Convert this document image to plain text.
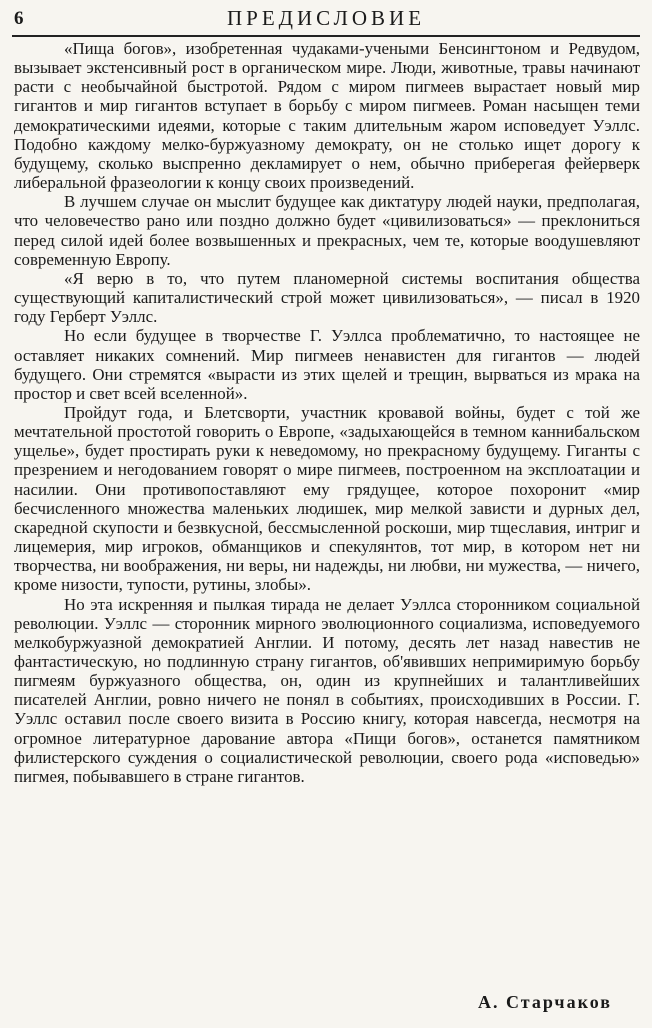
6	ПРЕДИСЛОВИЕ

«Пища богов», изобретенная чудаками-учеными Бенсингтоном и Редвудом, вызывает экстенсивный рост в органическом мире. Люди, животные, травы начинают расти с необычайной быстротой. Рядом с миром пигмеев вырастает новый мир гигантов и мир гигантов вступает в борьбу с миром пигмеев. Роман насыщен теми демократическими идеями, которые с таким длительным жаром исповедует Уэллс. Подобно каждому мелко-буржуазному демократу, он не столько ищет дорогу к будущему, сколько выспренно декламирует о нем, обычно приберегая фейерверк либеральной фразеологии к концу своих произведений.

В лучшем случае он мыслит будущее как диктатуру людей науки, предполагая, что человечество рано или поздно должно будет «цивилизоваться» — преклониться перед силой идей более возвышенных и прекрасных, чем те, которые воодушевляют современную Европу.

«Я верю в то, что путем планомерной системы воспитания общества существующий капиталистический строй может цивилизоваться», — писал в 1920 году Герберт Уэллс.

Но если будущее в творчестве Г. Уэллса проблематично, то настоящее не оставляет никаких сомнений. Мир пигмеев ненавистен для гигантов — людей будущего. Они стремятся «вырасти из этих щелей и трещин, вырваться из мрака на простор и свет всей вселенной».

Пройдут года, и Блетсворти, участник кровавой войны, будет с той же мечтательной простотой говорить о Европе, «задыхающейся в темном каннибальском ущелье», будет простирать руки к неведомому, но прекрасному будущему. Гиганты с презрением и негодованием говорят о мире пигмеев, построенном на эксплоатации и насилии. Они противопоставляют ему грядущее, которое похоронит «мир бесчисленного множества маленьких людишек, мир мелкой зависти и дурных дел, скаредной скупости и безвкусной, бессмысленной роскоши, мир тщеславия, интриг и лицемерия, мир игроков, обманщиков и спекулянтов, тот мир, в котором нет ни творчества, ни воображения, ни веры, ни надежды, ни любви, ни мужества, — ничего, кроме низости, тупости, рутины, злобы».

Но эта искренняя и пылкая тирада не делает Уэллса сторонником социальной революции. Уэллс — сторонник мирного эволюционного социализма, исповедуемого мелкобуржуазной демократией Англии. И потому, десять лет назад навестив не фантастическую, но подлинную страну гигантов, об'явивших непримиримую борьбу пигмеям буржуазного общества, он, один из крупнейших и талантливейших писателей Англии, ровно ничего не понял в событиях, происходивших в России. Г. Уэллс оставил после своего визита в Россию книгу, которая навсегда, несмотря на огромное литературное дарование автора «Пищи богов», останется памятником филистерского суждения о социалистической революции, своего рода «исповедью» пигмея, побывавшего в стране гигантов.

А. Старчаков
